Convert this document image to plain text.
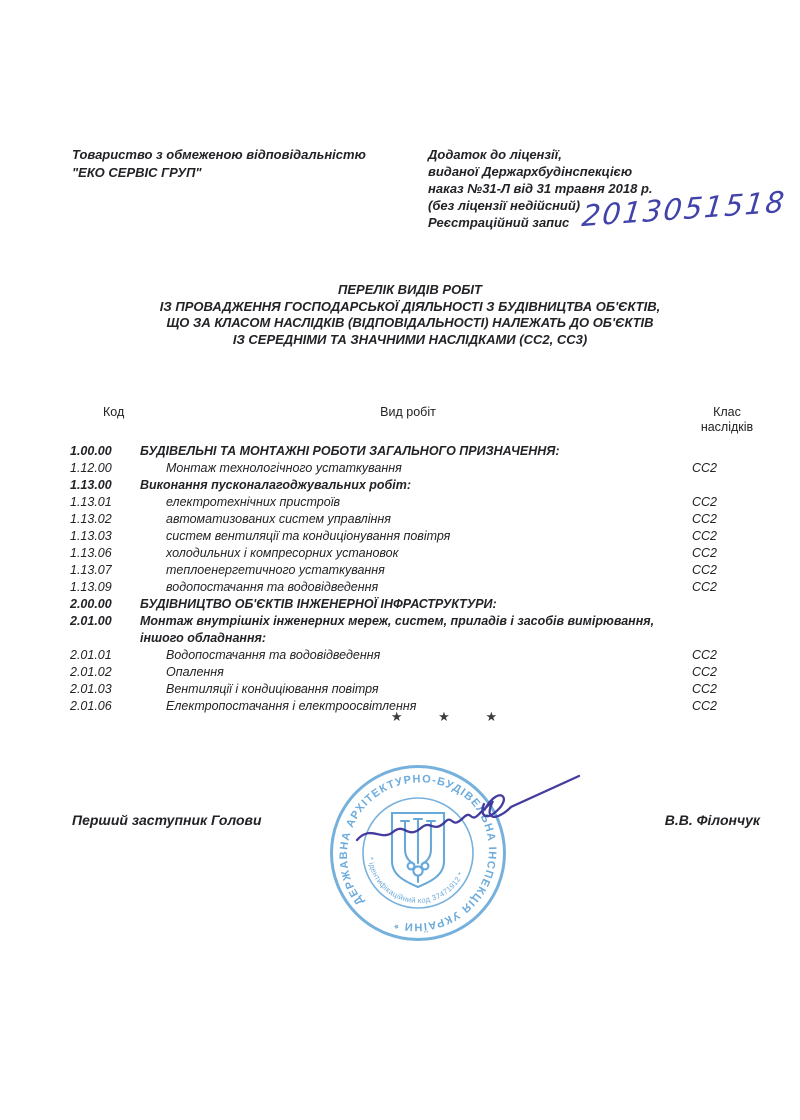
Товариство з обмеженою відповідальністю
"ЕКО СЕРВІС ГРУП"
Додаток до ліцензії,
виданої Держархбудінспекцією
наказ №31-Л від 31 травня 2018 р.
(без ліцензії недійсний)
Реєстраційний запис 2013051518
ПЕРЕЛІК ВИДІВ РОБІТ
ІЗ ПРОВАДЖЕННЯ ГОСПОДАРСЬКОЇ ДІЯЛЬНОСТІ З БУДІВНИЦТВА ОБ'ЄКТІВ,
ЩО ЗА КЛАСОМ НАСЛІДКІВ (ВІДПОВІДАЛЬНОСТІ) НАЛЕЖАТЬ ДО ОБ'ЄКТІВ
ІЗ СЕРЕДНІМИ ТА ЗНАЧНИМИ НАСЛІДКАМИ (СС2, СС3)
Код	Вид робіт	Клас
наслідків
1.00.00	БУДІВЕЛЬНІ ТА МОНТАЖНІ РОБОТИ ЗАГАЛЬНОГО ПРИЗНАЧЕННЯ:
1.12.00	Монтаж технологічного устаткування	СС2
1.13.00	Виконання пусконалагоджувальних робіт:
1.13.01	електротехнічних пристроїв	СС2
1.13.02	автоматизованих систем управління	СС2
1.13.03	систем вентиляції та кондиціонування повітря	СС2
1.13.06	холодильних і компресорних установок	СС2
1.13.07	теплоенергетичного устаткування	СС2
1.13.09	водопостачання та водовідведення	СС2
2.00.00	БУДІВНИЦТВО ОБ'ЄКТІВ ІНЖЕНЕРНОЇ ІНФРАСТРУКТУРИ:
2.01.00	Монтаж внутрішніх інженерних мереж, систем, приладів і засобів вимірювання, іншого обладнання:
2.01.01	Водопостачання та водовідведення	СС2
2.01.02	Опалення	СС2
2.01.03	Вентиляції і кондиціювання повітря	СС2
2.01.06	Електропостачання і електроосвітлення	СС2
★ ★ ★
Перший заступник Голови	В.В. Філончук
ДЕРЖАВНА АРХІТЕКТУРНО-БУДІВЕЛЬНА ІНСПЕКЦІЯ УКРАЇНИ *
* ідентифікаційний код 37471912 *
